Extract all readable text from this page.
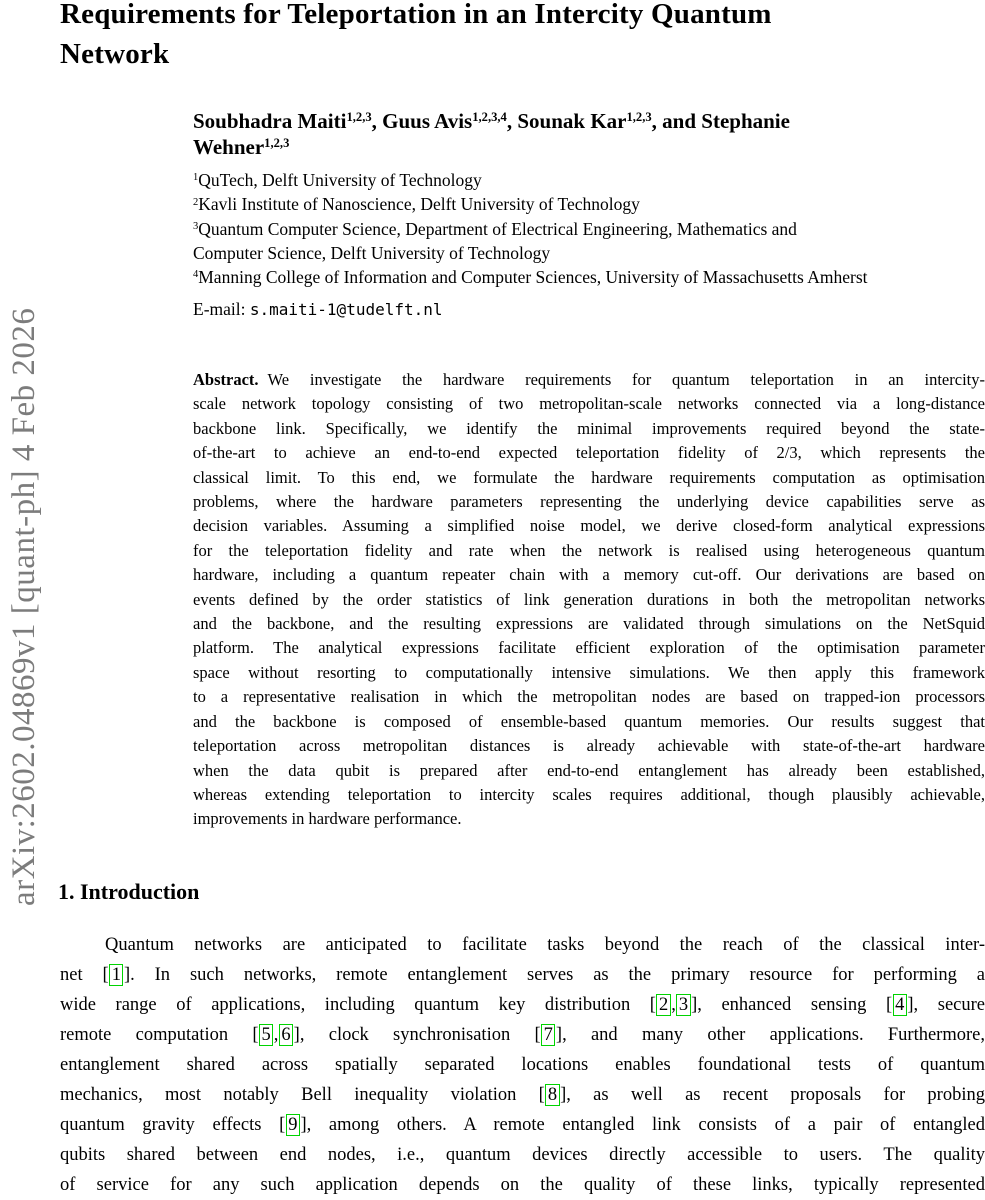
arXiv:2602.04869v1 [quant-ph] 4 Feb 2026
Requirements for Teleportation in an Intercity Quantum
Network
Soubhadra Maiti$^{1,2,3}$, Guus Avis$^{1,2,3,4}$, Sounak Kar$^{1,2,3}$, and Stephanie
Wehner$^{1,2,3}$
$^1$QuTech, Delft University of Technology
$^2$Kavli Institute of Nanoscience, Delft University of Technology
$^3$Quantum Computer Science, Department of Electrical Engineering, Mathematics and
Computer Science, Delft University of Technology
$^4$Manning College of Information and Computer Sciences, University of Massachusetts Amherst
E-mail: s.maiti-1@tudelft.nl
Abstract. We investigate the hardware requirements for quantum teleportation in an intercity-
scale network topology consisting of two metropolitan-scale networks connected via a long-distance
backbone link. Specifically, we identify the minimal improvements required beyond the state-
of-the-art to achieve an end-to-end expected teleportation fidelity of 2/3, which represents the
classical limit. To this end, we formulate the hardware requirements computation as optimisation
problems, where the hardware parameters representing the underlying device capabilities serve as
decision variables. Assuming a simplified noise model, we derive closed-form analytical expressions
for the teleportation fidelity and rate when the network is realised using heterogeneous quantum
hardware, including a quantum repeater chain with a memory cut-off. Our derivations are based on
events defined by the order statistics of link generation durations in both the metropolitan networks
and the backbone, and the resulting expressions are validated through simulations on the NetSquid
platform. The analytical expressions facilitate efficient exploration of the optimisation parameter
space without resorting to computationally intensive simulations. We then apply this framework
to a representative realisation in which the metropolitan nodes are based on trapped-ion processors
and the backbone is composed of ensemble-based quantum memories. Our results suggest that
teleportation across metropolitan distances is already achievable with state-of-the-art hardware
when the data qubit is prepared after end-to-end entanglement has already been established,
whereas extending teleportation to intercity scales requires additional, though plausibly achievable,
improvements in hardware performance.
1. Introduction
Quantum networks are anticipated to facilitate tasks beyond the reach of the classical inter-
net [ 1 ]. In such networks, remote entanglement serves as the primary resource for performing a
wide range of applications, including quantum key distribution [ 2 , 3 ], enhanced sensing [ 4 ], secure
remote computation [ 5 , 6 ], clock synchronisation [ 7 ], and many other applications. Furthermore,
entanglement shared across spatially separated locations enables foundational tests of quantum
mechanics, most notably Bell inequality violation [ 8 ], as well as recent proposals for probing
quantum gravity effects [ 9 ], among others. A remote entangled link consists of a pair of entangled
qubits shared between end nodes, i.e., quantum devices directly accessible to users. The quality
of service for any such application depends on the quality of these links, typically represented
